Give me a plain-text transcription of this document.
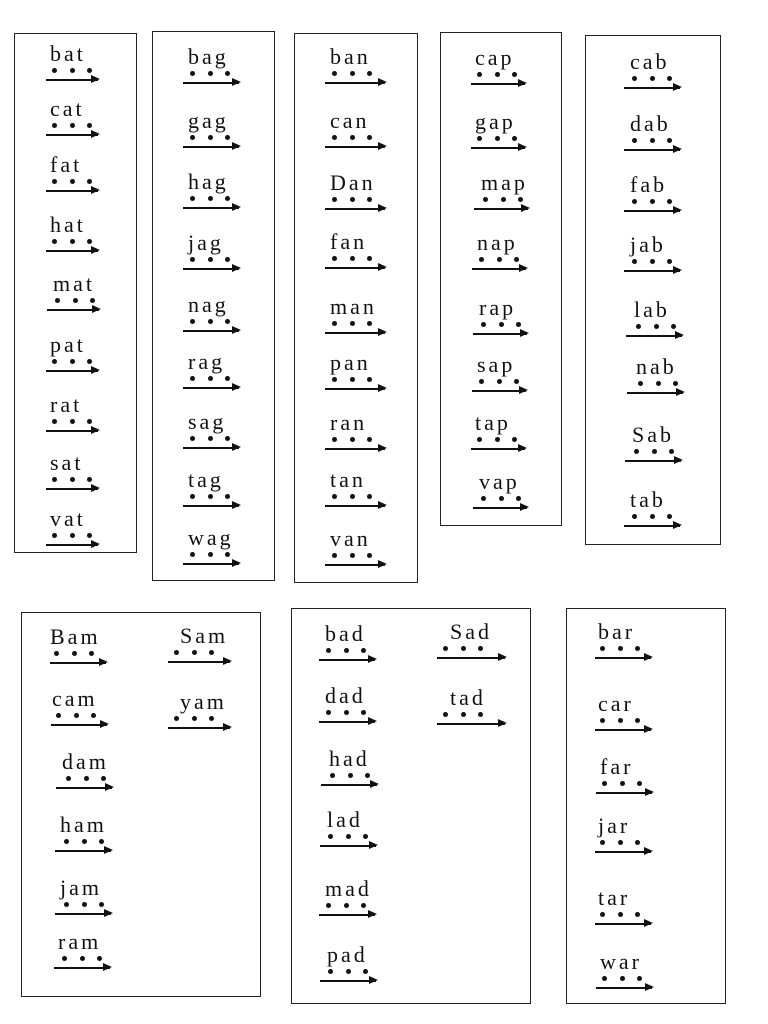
bat
cat
fat
hat
mat
pat
rat
sat
vat
bag
gag
hag
jag
nag
rag
sag
tag
wag
ban
can
Dan
fan
man
pan
ran
tan
van
cap
gap
map
nap
rap
sap
tap
vap
cab
dab
fab
jab
lab
nab
Sab
tab
Bam
cam
dam
ham
jam
ram
Sam
yam
bad
dad
had
lad
mad
pad
Sad
tad
bar
car
far
jar
tar
war
